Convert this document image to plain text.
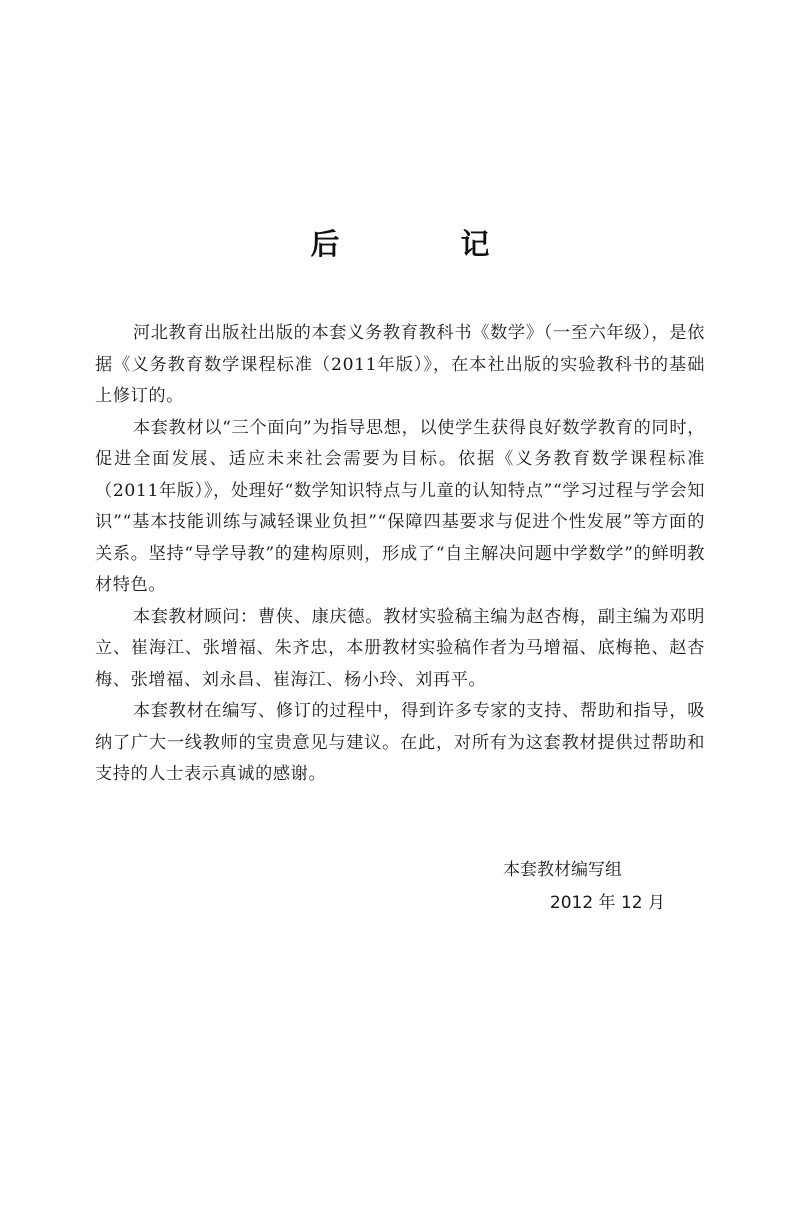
后　记

河北教育出版社出版的本套义务教育教科书《数学》（一至六年级），是依据《义务教育数学课程标准（2011年版）》，在本社出版的实验教科书的基础上修订的。

本套教材以“三个面向”为指导思想，以使学生获得良好数学教育的同时，促进全面发展、适应未来社会需要为目标。依据《义务教育数学课程标准（2011年版）》，处理好“数学知识特点与儿童的认知特点”“学习过程与学会知识”“基本技能训练与减轻课业负担”“保障四基要求与促进个性发展”等方面的关系。坚持“导学导教”的建构原则，形成了“自主解决问题中学数学”的鲜明教材特色。

本套教材顾问：曹侠、康庆德。教材实验稿主编为赵杏梅，副主编为邓明立、崔海江、张增福、朱齐忠，本册教材实验稿作者为马增福、底梅艳、赵杏梅、张增福、刘永昌、崔海江、杨小玲、刘再平。

本套教材在编写、修订的过程中，得到许多专家的支持、帮助和指导，吸纳了广大一线教师的宝贵意见与建议。在此，对所有为这套教材提供过帮助和支持的人士表示真诚的感谢。

本套教材编写组
2012 年 12 月
